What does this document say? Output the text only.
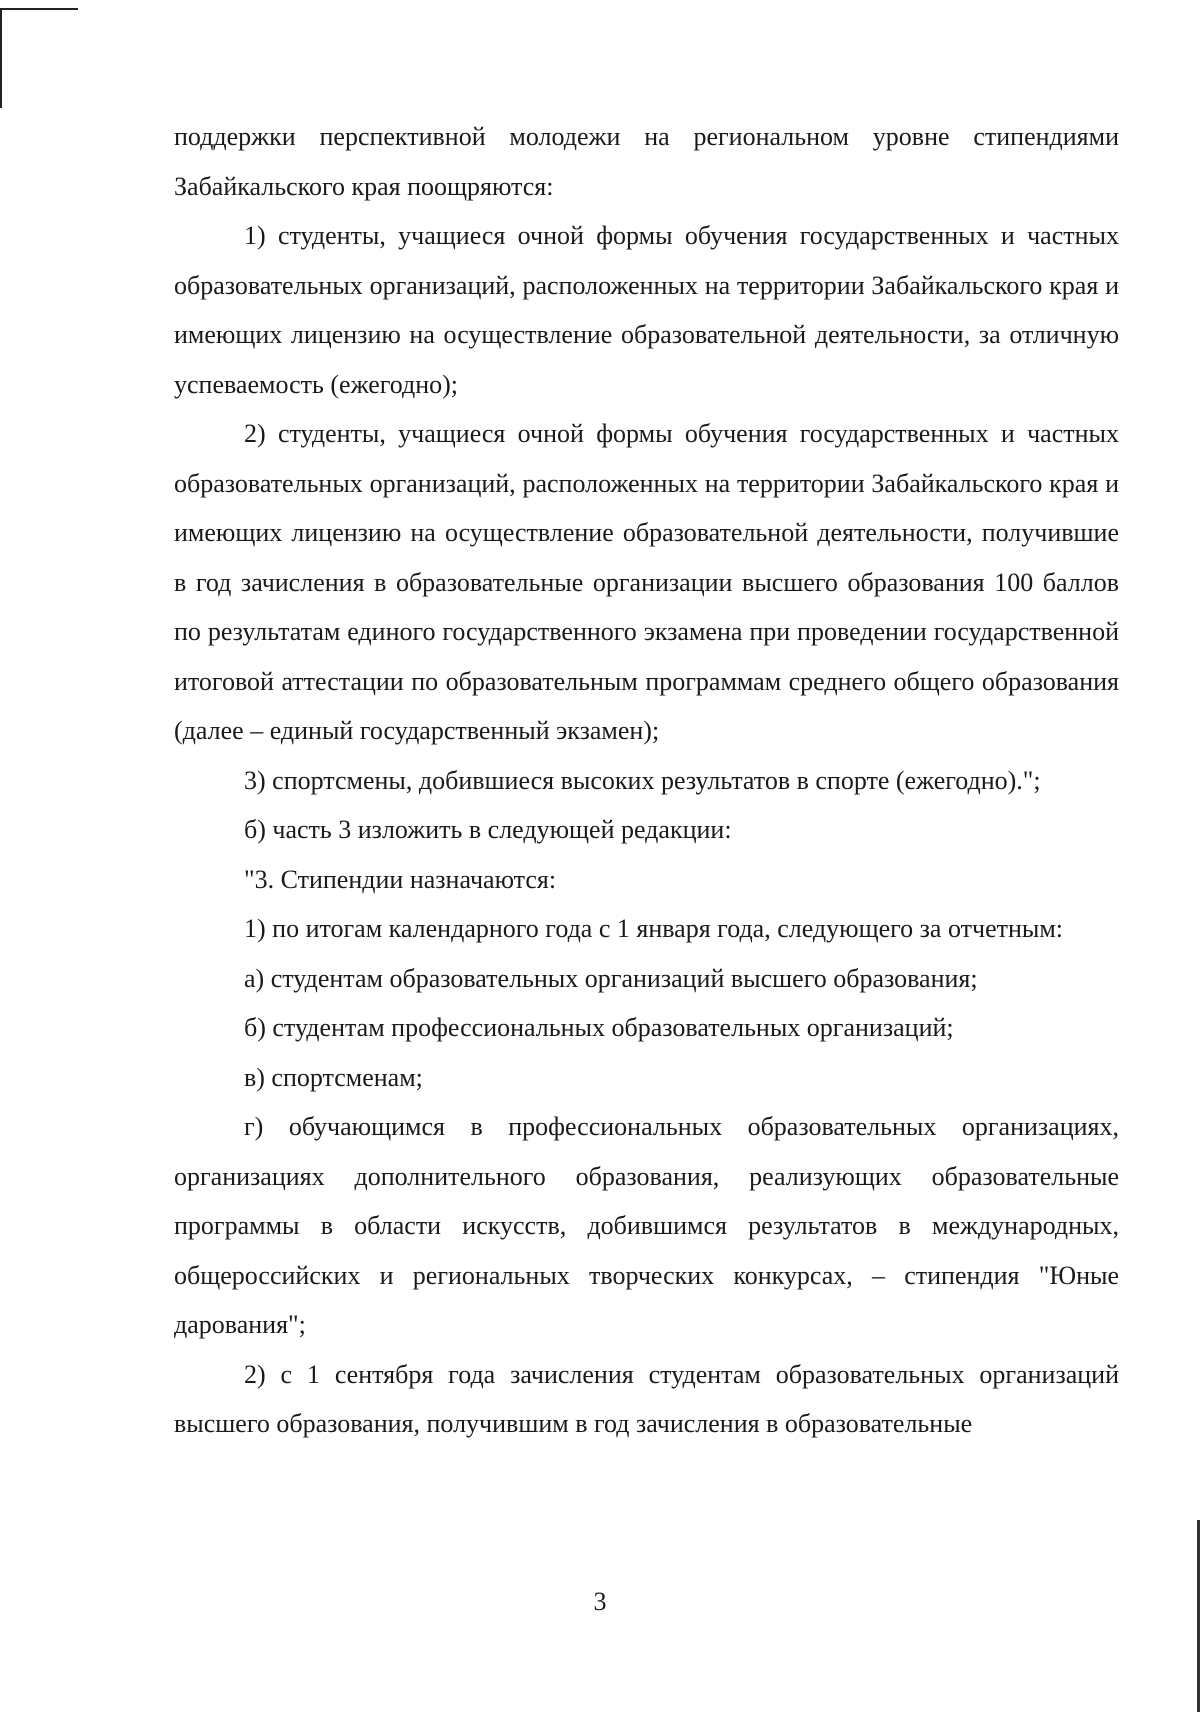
поддержки перспективной молодежи на региональном уровне стипендиями Забайкальского края поощряются:

1) студенты, учащиеся очной формы обучения государственных и частных образовательных организаций, расположенных на территории Забайкальского края и имеющих лицензию на осуществление образовательной деятельности, за отличную успеваемость (ежегодно);

2) студенты, учащиеся очной формы обучения государственных и частных образовательных организаций, расположенных на территории Забайкальского края и имеющих лицензию на осуществление образовательной деятельности, получившие в год зачисления в образовательные организации высшего образования 100 баллов по результатам единого государственного экзамена при проведении государственной итоговой аттестации по образовательным программам среднего общего образования (далее – единый государственный экзамен);

3) спортсмены, добившиеся высоких результатов в спорте (ежегодно).";

б) часть 3 изложить в следующей редакции:

"3. Стипендии назначаются:

1) по итогам календарного года с 1 января года, следующего за отчетным:

а) студентам образовательных организаций высшего образования;

б) студентам профессиональных образовательных организаций;

в) спортсменам;

г) обучающимся в профессиональных образовательных организациях, организациях дополнительного образования, реализующих образовательные программы в области искусств, добившимся результатов в международных, общероссийских и региональных творческих конкурсах, – стипендия "Юные дарования";

2) с 1 сентября года зачисления студентам образовательных организаций высшего образования, получившим в год зачисления в образовательные

3
